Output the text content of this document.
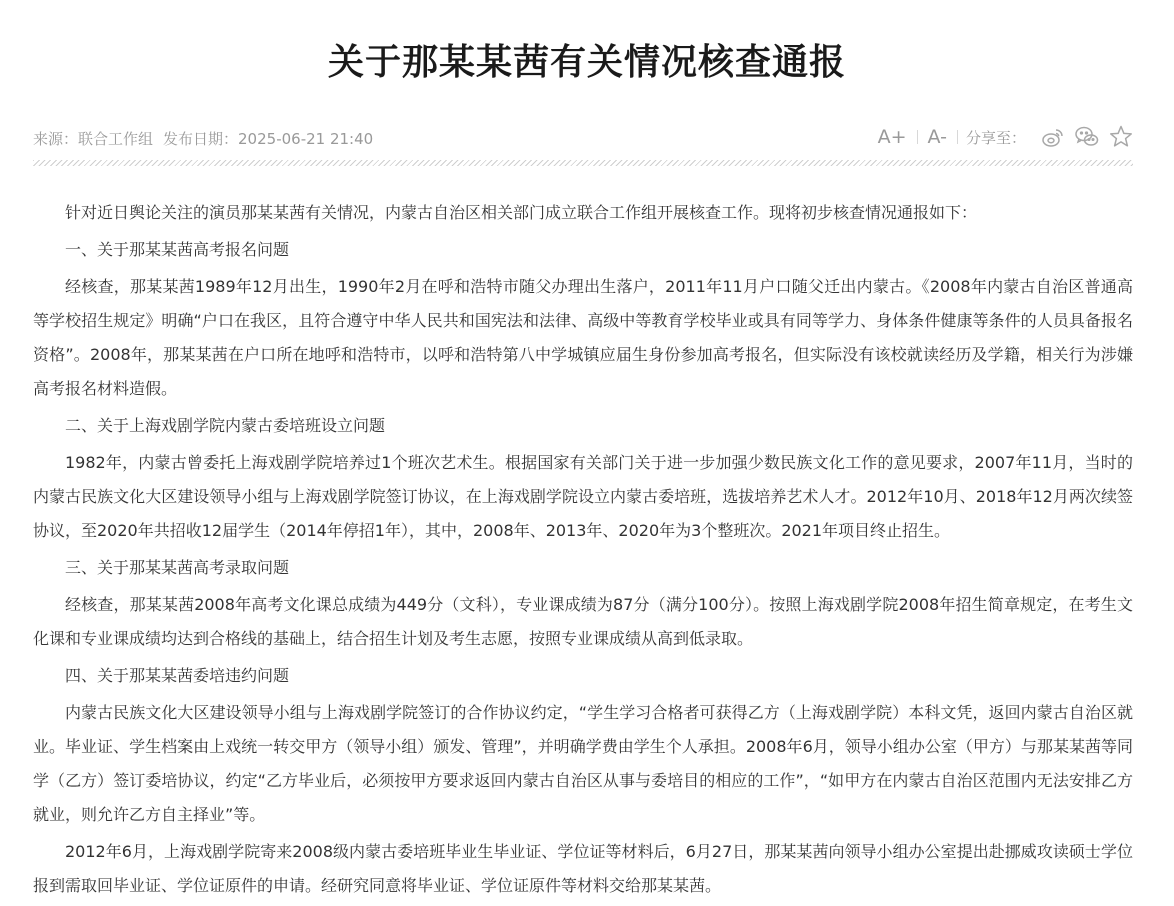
关于那某某茜有关情况核查通报
来源：联合工作组 发布日期：2025-06-21 21:40	A+	A-	分享至：

针对近日舆论关注的演员那某某茜有关情况，内蒙古自治区相关部门成立联合工作组开展核查工作。现将初步核查情况通报如下：

一、关于那某某茜高考报名问题

经核查，那某某茜1989年12月出生，1990年2月在呼和浩特市随父办理出生落户，2011年11月户口随父迁出内蒙古。《2008年内蒙古自治区普通高等学校招生规定》明确“户口在我区，且符合遵守中华人民共和国宪法和法律、高级中等教育学校毕业或具有同等学力、身体条件健康等条件的人员具备报名资格”。2008年，那某某茜在户口所在地呼和浩特市，以呼和浩特第八中学城镇应届生身份参加高考报名，但实际没有该校就读经历及学籍，相关行为涉嫌高考报名材料造假。

二、关于上海戏剧学院内蒙古委培班设立问题

1982年，内蒙古曾委托上海戏剧学院培养过1个班次艺术生。根据国家有关部门关于进一步加强少数民族文化工作的意见要求，2007年11月，当时的内蒙古民族文化大区建设领导小组与上海戏剧学院签订协议，在上海戏剧学院设立内蒙古委培班，选拔培养艺术人才。2012年10月、2018年12月两次续签协议，至2020年共招收12届学生（2014年停招1年），其中，2008年、2013年、2020年为3个整班次。2021年项目终止招生。

三、关于那某某茜高考录取问题

经核查，那某某茜2008年高考文化课总成绩为449分（文科），专业课成绩为87分（满分100分）。按照上海戏剧学院2008年招生简章规定，在考生文化课和专业课成绩均达到合格线的基础上，结合招生计划及考生志愿，按照专业课成绩从高到低录取。

四、关于那某某茜委培违约问题

内蒙古民族文化大区建设领导小组与上海戏剧学院签订的合作协议约定，“学生学习合格者可获得乙方（上海戏剧学院）本科文凭，返回内蒙古自治区就业。毕业证、学生档案由上戏统一转交甲方（领导小组）颁发、管理”，并明确学费由学生个人承担。2008年6月，领导小组办公室（甲方）与那某某茜等同学（乙方）签订委培协议，约定“乙方毕业后，必须按甲方要求返回内蒙古自治区从事与委培目的相应的工作”，“如甲方在内蒙古自治区范围内无法安排乙方就业，则允许乙方自主择业”等。

2012年6月，上海戏剧学院寄来2008级内蒙古委培班毕业生毕业证、学位证等材料后，6月27日，那某某茜向领导小组办公室提出赴挪威攻读硕士学位报到需取回毕业证、学位证原件的申请。经研究同意将毕业证、学位证原件等材料交给那某某茜。
